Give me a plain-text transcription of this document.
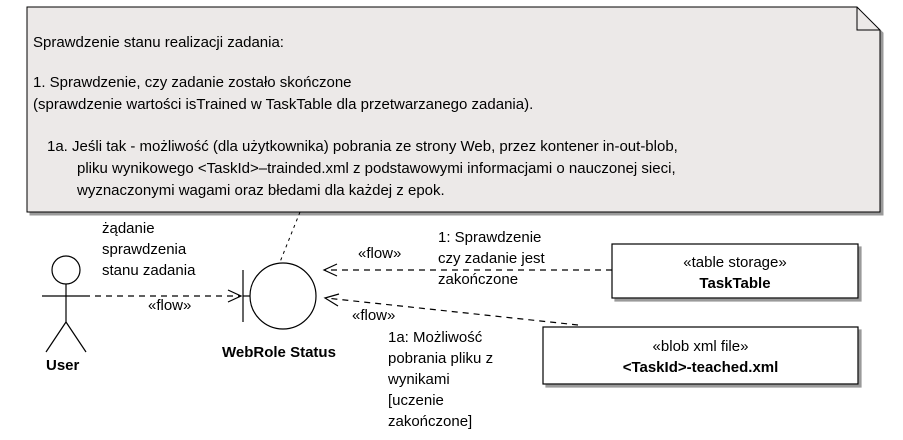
Sprawdzenie stanu realizacji zadania:
1. Sprawdzenie, czy zadanie zostało skończone
(sprawdzenie wartości isTrained w TaskTable dla przetwarzanego zadania).
1a. Jeśli tak - możliwość (dla użytkownika) pobrania ze strony Web, przez kontener in-out-blob,
pliku wynikowego <TaskId>–trainded.xml z podstawowymi informacjami o nauczonej sieci,
wyznaczonymi wagami oraz błedami dla każdej z epok.
User
WebRole Status
żądanie
sprawdzenia
stanu zadania
«flow»
«flow»
1: Sprawdzenie
czy zadanie jest
zakończone
«flow»
1a: Możliwość
pobrania pliku z
wynikami
[uczenie
zakończone]
«table storage»
TaskTable
«blob xml file»
<TaskId>-teached.xml
